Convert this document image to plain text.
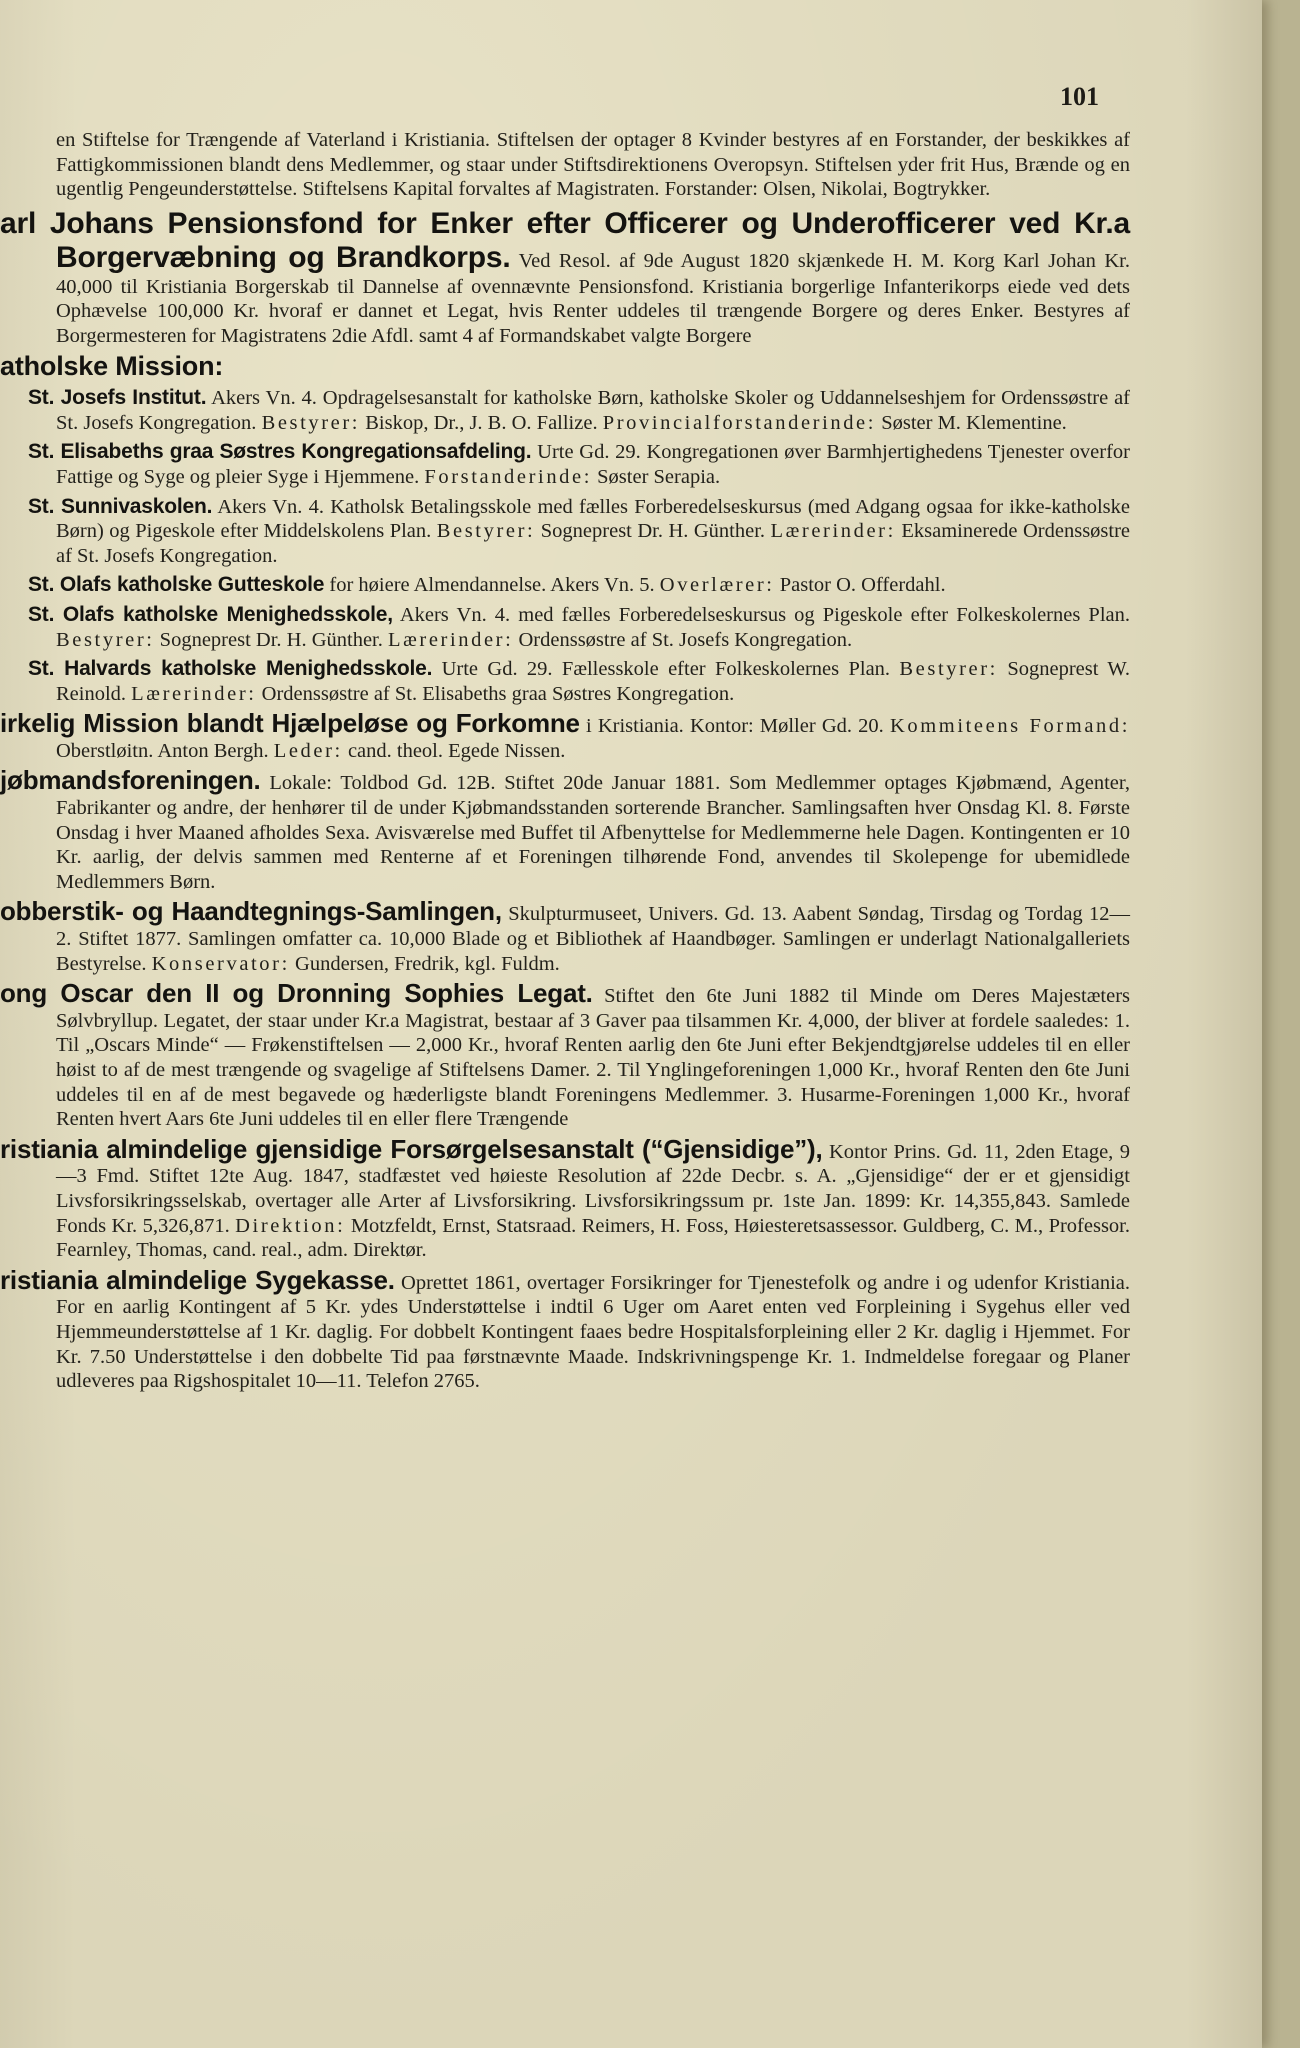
101

en Stiftelse for Trængende af Vaterland i Kristiania. Stiftelsen der optager 8 Kvinder bestyres af en Forstander, der beskikkes af Fattigkommissionen blandt dens Medlemmer, og staar under Stiftsdirektionens Overopsyn. Stiftelsen yder frit Hus, Brænde og en ugentlig Pengeunderstøttelse. Stiftelsens Kapital forvaltes af Magistraten. Forstander: Olsen, Nikolai, Bogtrykker.

arl Johans Pensionsfond for Enker efter Officerer og Underofficerer ved Kr.a Borgervæbning og Brandkorps. Ved Resol. af 9de August 1820 skjænkede H. M. Korg Karl Johan Kr. 40,000 til Kristiania Borgerskab til Dannelse af ovennævnte Pensionsfond. Kristiania borgerlige Infanterikorps eiede ved dets Ophævelse 100,000 Kr. hvoraf er dannet et Legat, hvis Renter uddeles til trængende Borgere og deres Enker. Bestyres af Borgermesteren for Magistratens 2die Afdl. samt 4 af Formandskabet valgte Borgere

atholske Mission:

St. Josefs Institut. Akers Vn. 4. Opdragelsesanstalt for katholske Børn, katholske Skoler og Uddannelseshjem for Ordenssøstre af St. Josefs Kongregation. Bestyrer: Biskop, Dr., J. B. O. Fallize. Provincialforstanderinde: Søster M. Klementine.

St. Elisabeths graa Søstres Kongregationsafdeling. Urte Gd. 29. Kongregationen øver Barmhjertighedens Tjenester overfor Fattige og Syge og pleier Syge i Hjemmene. Forstanderinde: Søster Serapia.

St. Sunnivaskolen. Akers Vn. 4. Katholsk Betalingsskole med fælles Forberedelseskursus (med Adgang ogsaa for ikke-katholske Børn) og Pigeskole efter Middelskolens Plan. Bestyrer: Sogneprest Dr. H. Günther. Lærerinder: Eksaminerede Ordenssøstre af St. Josefs Kongregation.

St. Olafs katholske Gutteskole for høiere Almendannelse. Akers Vn. 5. Overlærer: Pastor O. Offerdahl.

St. Olafs katholske Menighedsskole, Akers Vn. 4. med fælles Forberedelseskursus og Pigeskole efter Folkeskolernes Plan. Bestyrer: Sogneprest Dr. H. Günther. Lærerinder: Ordenssøstre af St. Josefs Kongregation.

St. Halvards katholske Menighedsskole. Urte Gd. 29. Fællesskole efter Folkeskolernes Plan. Bestyrer: Sogneprest W. Reinold. Lærerinder: Ordenssøstre af St. Elisabeths graa Søstres Kongregation.

irkelig Mission blandt Hjælpeløse og Forkomne i Kristiania. Kontor: Møller Gd. 20. Kommiteens Formand: Oberstløitn. Anton Bergh. Leder: cand. theol. Egede Nissen.

jøbmandsforeningen. Lokale: Toldbod Gd. 12B. Stiftet 20de Januar 1881. Som Medlemmer optages Kjøbmænd, Agenter, Fabrikanter og andre, der henhører til de under Kjøbmandsstanden sorterende Brancher. Samlingsaften hver Onsdag Kl. 8. Første Onsdag i hver Maaned afholdes Sexa. Avisværelse med Buffet til Afbenyttelse for Medlemmerne hele Dagen. Kontingenten er 10 Kr. aarlig, der delvis sammen med Renterne af et Foreningen tilhørende Fond, anvendes til Skolepenge for ubemidlede Medlemmers Børn.

obberstik- og Haandtegnings-Samlingen, Skulpturmuseet, Univers. Gd. 13. Aabent Søndag, Tirsdag og Tordag 12—2. Stiftet 1877. Samlingen omfatter ca. 10,000 Blade og et Bibliothek af Haandbøger. Samlingen er underlagt Nationalgalleriets Bestyrelse. Konservator: Gundersen, Fredrik, kgl. Fuldm.

ong Oscar den II og Dronning Sophies Legat. Stiftet den 6te Juni 1882 til Minde om Deres Majestæters Sølvbryllup. Legatet, der staar under Kr.a Magistrat, bestaar af 3 Gaver paa tilsammen Kr. 4,000, der bliver at fordele saaledes: 1. Til „Oscars Minde“ — Frøkenstiftelsen — 2,000 Kr., hvoraf Renten aarlig den 6te Juni efter Bekjendtgjørelse uddeles til en eller høist to af de mest trængende og svagelige af Stiftelsens Damer. 2. Til Ynglingeforeningen 1,000 Kr., hvoraf Renten den 6te Juni uddeles til en af de mest begavede og hæderligste blandt Foreningens Medlemmer. 3. Husarme-Foreningen 1,000 Kr., hvoraf Renten hvert Aars 6te Juni uddeles til en eller flere Trængende

ristiania almindelige gjensidige Forsørgelsesanstalt (“Gjensidige”), Kontor Prins. Gd. 11, 2den Etage, 9—3 Fmd. Stiftet 12te Aug. 1847, stadfæstet ved høieste Resolution af 22de Decbr. s. A. „Gjensidige“ der er et gjensidigt Livsforsikringsselskab, overtager alle Arter af Livsforsikring. Livsforsikringssum pr. 1ste Jan. 1899: Kr. 14,355,843. Samlede Fonds Kr. 5,326,871. Direktion: Motzfeldt, Ernst, Statsraad. Reimers, H. Foss, Høiesteretsassessor. Guldberg, C. M., Professor. Fearnley, Thomas, cand. real., adm. Direktør.

ristiania almindelige Sygekasse. Oprettet 1861, overtager Forsikringer for Tjenestefolk og andre i og udenfor Kristiania. For en aarlig Kontingent af 5 Kr. ydes Understøttelse i indtil 6 Uger om Aaret enten ved Forpleining i Sygehus eller ved Hjemmeunderstøttelse af 1 Kr. daglig. For dobbelt Kontingent faaes bedre Hospitalsforpleining eller 2 Kr. daglig i Hjemmet. For Kr. 7.50 Understøttelse i den dobbelte Tid paa førstnævnte Maade. Indskrivningspenge Kr. 1. Indmeldelse foregaar og Planer udleveres paa Rigshospitalet 10—11. Telefon 2765.
